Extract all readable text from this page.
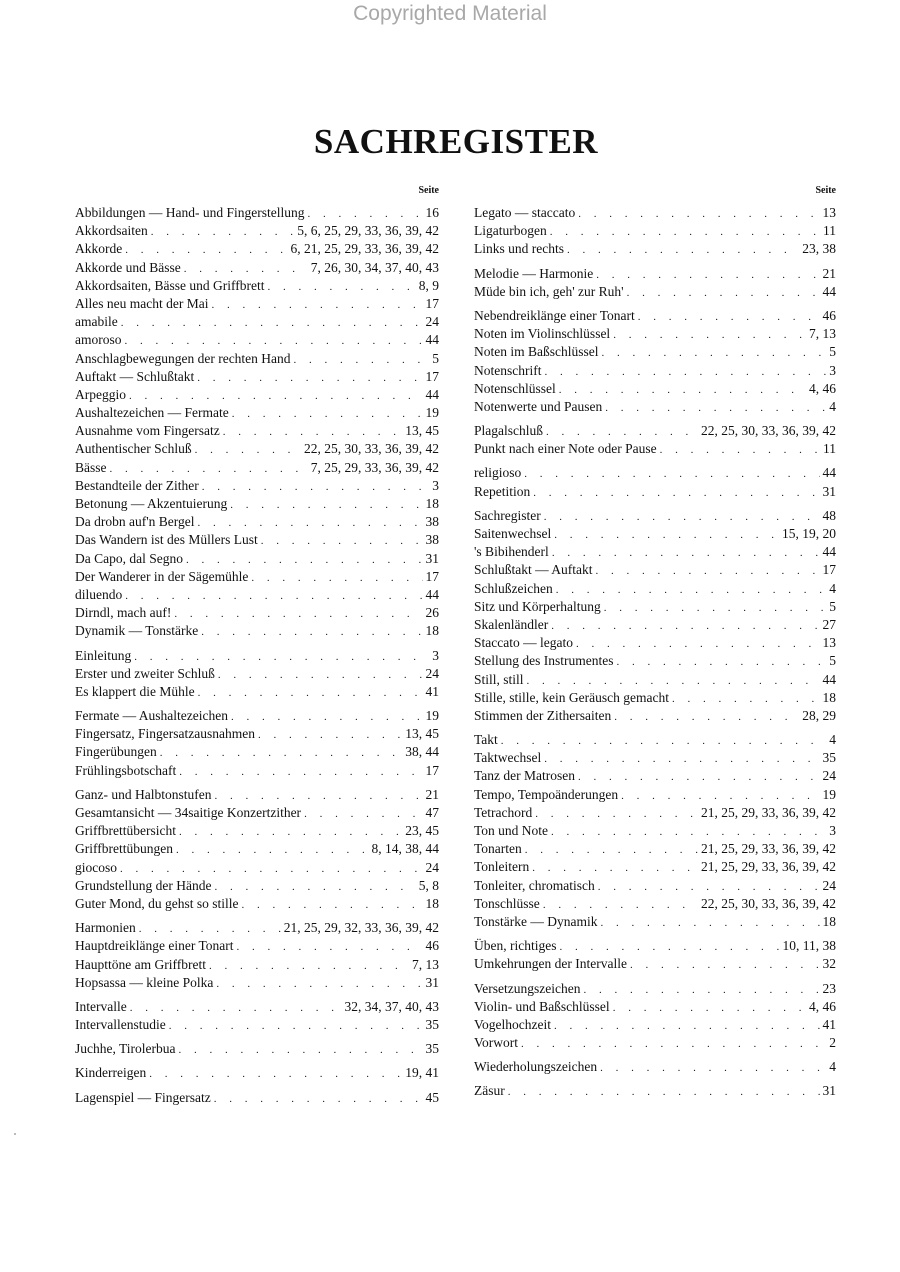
Copyrighted Material
SACHREGISTER
Seite
Abbildungen — Hand- und Fingerstellung . . .	16
Akkordsaiten . . .	5, 6, 25, 29, 33, 36, 39, 42
Akkorde . . .	6, 21, 25, 29, 33, 36, 39, 42
Akkorde und Bässe . . .	7, 26, 30, 34, 37, 40, 43
Akkordsaiten, Bässe und Griffbrett . . .	8, 9
Alles neu macht der Mai . . .	17
amabile . . .	24
amoroso . . .	44
Anschlagbewegungen der rechten Hand . . .	5
Auftakt — Schlußtakt . . .	17
Arpeggio . . .	44
Aushaltezeichen — Fermate . . .	19
Ausnahme vom Fingersatz . . .	13, 45
Authentischer Schluß . . .	22, 25, 30, 33, 36, 39, 42
Bässe . . .	7, 25, 29, 33, 36, 39, 42
Bestandteile der Zither . . .	3
Betonung — Akzentuierung . . .	18
Da drobn auf'n Bergel . . .	38
Das Wandern ist des Müllers Lust . . .	38
Da Capo, dal Segno . . .	31
Der Wanderer in der Sägemühle . . .	17
diluendo . . .	44
Dirndl, mach auf! . . .	26
Dynamik — Tonstärke . . .	18
Einleitung . . .	3
Erster und zweiter Schluß . . .	24
Es klappert die Mühle . . .	41
Fermate — Aushaltezeichen . . .	19
Fingersatz, Fingersatzausnahmen . . .	13, 45
Fingerübungen . . .	38, 44
Frühlingsbotschaft . . .	17
Ganz- und Halbtonstufen . . .	21
Gesamtansicht — 34saitige Konzertzither . . .	47
Griffbrettübersicht . . .	23, 45
Griffbrettübungen . . .	8, 14, 38, 44
giocoso . . .	24
Grundstellung der Hände . . .	5, 8
Guter Mond, du gehst so stille . . .	18
Harmonien . . .	21, 25, 29, 32, 33, 36, 39, 42
Hauptdreiklänge einer Tonart . . .	46
Haupttöne am Griffbrett . . .	7, 13
Hopsassa — kleine Polka . . .	31
Intervalle . . .	32, 34, 37, 40, 43
Intervallenstudie . . .	35
Juchhe, Tirolerbua . . .	35
Kinderreigen . . .	19, 41
Lagenspiel — Fingersatz . . .	45
Seite
Legato — staccato . . .	13
Ligaturbogen . . .	11
Links und rechts . . .	23, 38
Melodie — Harmonie . . .	21
Müde bin ich, geh' zur Ruh' . . .	44
Nebendreiklänge einer Tonart . . .	46
Noten im Violinschlüssel . . .	7, 13
Noten im Baßschlüssel . . .	5
Notenschrift . . .	3
Notenschlüssel . . .	4, 46
Notenwerte und Pausen . . .	4
Plagalschluß . . .	22, 25, 30, 33, 36, 39, 42
Punkt nach einer Note oder Pause . . .	11
religioso . . .	44
Repetition . . .	31
Sachregister . . .	48
Saitenwechsel . . .	15, 19, 20
's Bibihenderl . . .	44
Schlußtakt — Auftakt . . .	17
Schlußzeichen . . .	4
Sitz und Körperhaltung . . .	5
Skalenländler . . .	27
Staccato — legato . . .	13
Stellung des Instrumentes . . .	5
Still, still . . .	44
Stille, stille, kein Geräusch gemacht . . .	18
Stimmen der Zithersaiten . . .	28, 29
Takt . . .	4
Taktwechsel . . .	35
Tanz der Matrosen . . .	24
Tempo, Tempoänderungen . . .	19
Tetrachord . . .	21, 25, 29, 33, 36, 39, 42
Ton und Note . . .	3
Tonarten . . .	21, 25, 29, 33, 36, 39, 42
Tonleitern . . .	21, 25, 29, 33, 36, 39, 42
Tonleiter, chromatisch . . .	24
Tonschlüsse . . .	22, 25, 30, 33, 36, 39, 42
Tonstärke — Dynamik . . .	18
Üben, richtiges . . .	10, 11, 38
Umkehrungen der Intervalle . . .	32
Versetzungszeichen . . .	23
Violin- und Baßschlüssel . . .	4, 46
Vogelhochzeit . . .	41
Vorwort . . .	2
Wiederholungszeichen . . .	4
Zäsur . . .	31
